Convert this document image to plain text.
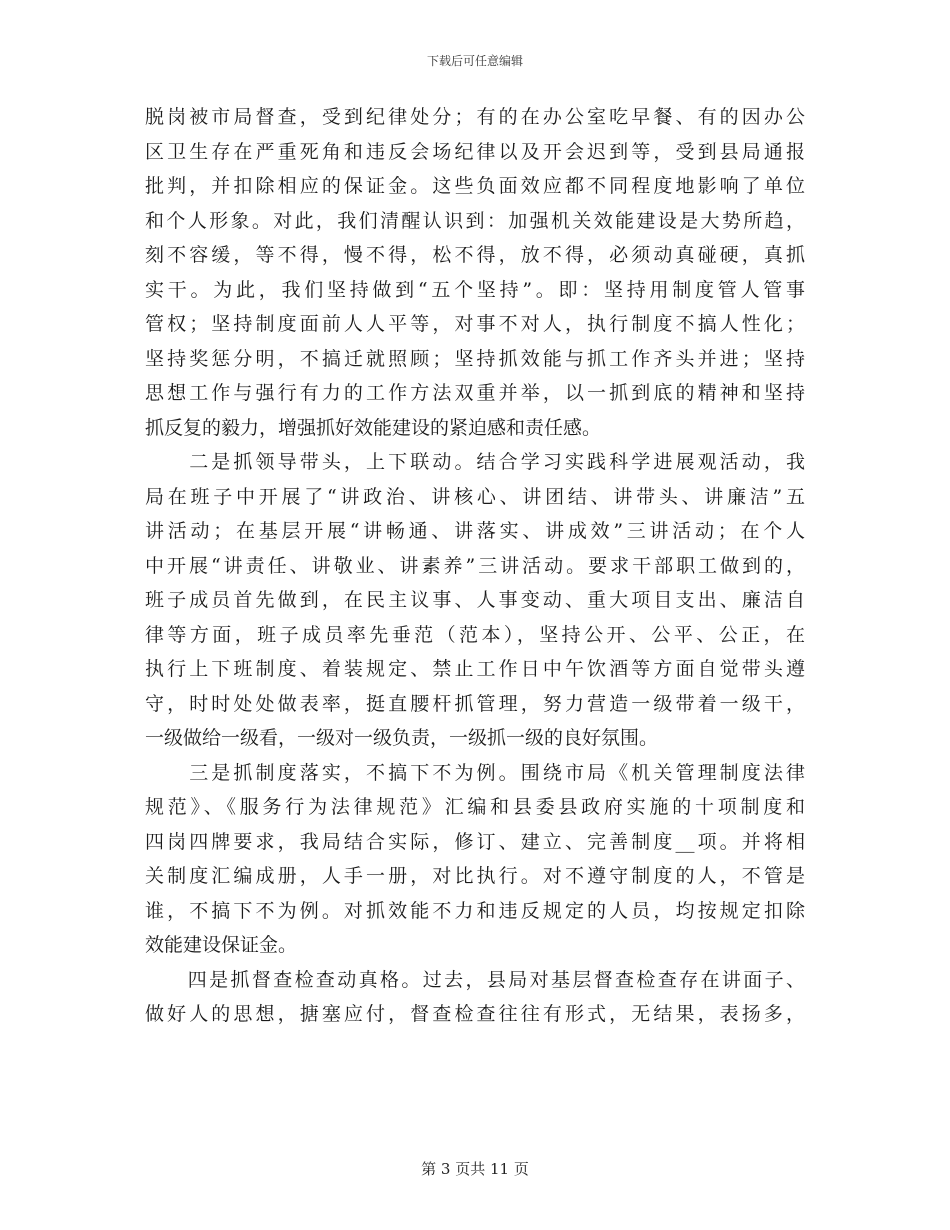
下载后可任意编辑
脱岗被市局督查，受到纪律处分；有的在办公室吃早餐、有的因办公
区卫生存在严重死角和违反会场纪律以及开会迟到等，受到县局通报
批判，并扣除相应的保证金。这些负面效应都不同程度地影响了单位
和个人形象。对此，我们清醒认识到：加强机关效能建设是大势所趋，
刻不容缓，等不得，慢不得，松不得，放不得，必须动真碰硬，真抓
实干。为此，我们坚持做到“五个坚持”。即：坚持用制度管人管事
管权；坚持制度面前人人平等，对事不对人，执行制度不搞人性化；
坚持奖惩分明，不搞迁就照顾；坚持抓效能与抓工作齐头并进；坚持
思想工作与强行有力的工作方法双重并举，以一抓到底的精神和坚持
抓反复的毅力，增强抓好效能建设的紧迫感和责任感。
　　二是抓领导带头，上下联动。结合学习实践科学进展观活动，我
局在班子中开展了“讲政治、讲核心、讲团结、讲带头、讲廉洁”五
讲活动；在基层开展“讲畅通、讲落实、讲成效”三讲活动；在个人
中开展“讲责任、讲敬业、讲素养”三讲活动。要求干部职工做到的，
班子成员首先做到，在民主议事、人事变动、重大项目支出、廉洁自
律等方面，班子成员率先垂范（范本），坚持公开、公平、公正，在
执行上下班制度、着装规定、禁止工作日中午饮酒等方面自觉带头遵
守，时时处处做表率，挺直腰杆抓管理，努力营造一级带着一级干，
一级做给一级看，一级对一级负责，一级抓一级的良好氛围。
　　三是抓制度落实，不搞下不为例。围绕市局《机关管理制度法律
规范》、《服务行为法律规范》汇编和县委县政府实施的十项制度和
四岗四牌要求，我局结合实际，修订、建立、完善制度__项。并将相
关制度汇编成册，人手一册，对比执行。对不遵守制度的人，不管是
谁，不搞下不为例。对抓效能不力和违反规定的人员，均按规定扣除
效能建设保证金。
　　四是抓督查检查动真格。过去，县局对基层督查检查存在讲面子、
做好人的思想，搪塞应付，督查检查往往有形式，无结果，表扬多，
第 3 页共 11 页
